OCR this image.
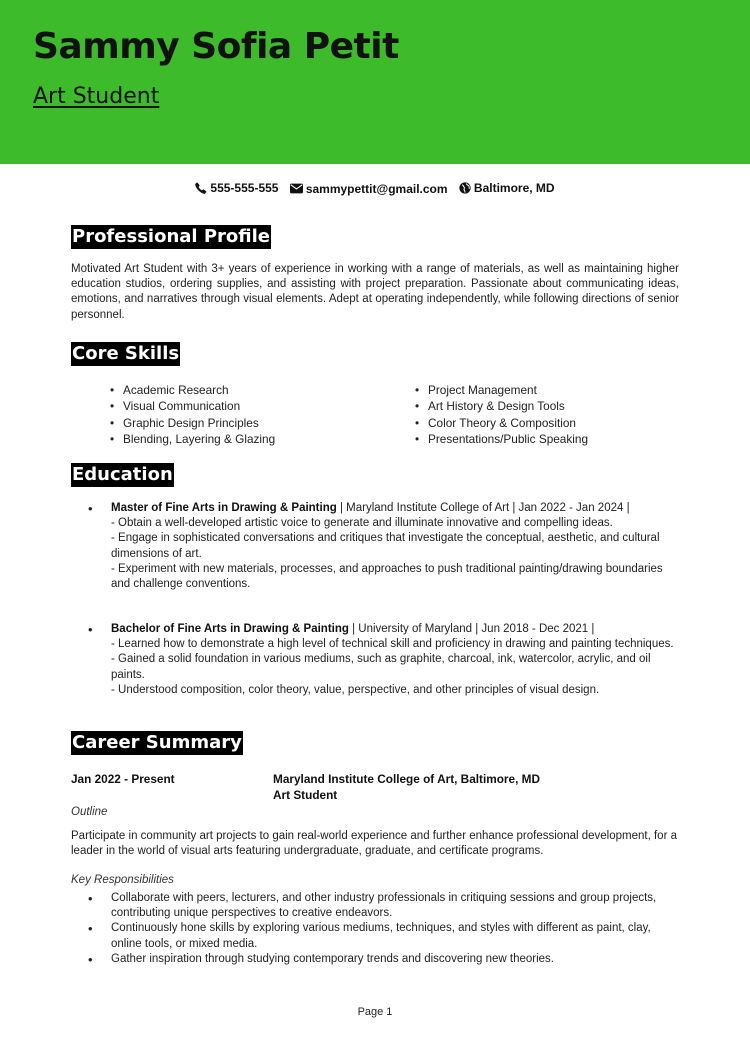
Sammy Sofia Petit
Art Student
555-555-555
sammypettit@gmail.com
Baltimore, MD
Professional Profile

Motivated Art Student with 3+ years of experience in working with a range of materials, as well as maintaining higher education studios, ordering supplies, and assisting with project preparation. Passionate about communicating ideas, emotions, and narratives through visual elements. Adept at operating independently, while following directions of senior personnel.

Core Skills
• Academic Research
• Visual Communication
• Graphic Design Principles
• Blending, Layering & Glazing
• Project Management
• Art History & Design Tools
• Color Theory & Composition
• Presentations/Public Speaking
Education
• Master of Fine Arts in Drawing & Painting | Maryland Institute College of Art | Jan 2022 - Jan 2024 |
- Obtain a well-developed artistic voice to generate and illuminate innovative and compelling ideas.
- Engage in sophisticated conversations and critiques that investigate the conceptual, aesthetic, and cultural dimensions of art.
- Experiment with new materials, processes, and approaches to push traditional painting/drawing boundaries and challenge conventions.
• Bachelor of Fine Arts in Drawing & Painting | University of Maryland | Jun 2018 - Dec 2021 |
- Learned how to demonstrate a high level of technical skill and proficiency in drawing and painting techniques.
- Gained a solid foundation in various mediums, such as graphite, charcoal, ink, watercolor, acrylic, and oil paints.
- Understood composition, color theory, value, perspective, and other principles of visual design.
Career Summary
Jan 2022 - Present	Maryland Institute College of Art, Baltimore, MD
Art Student
Outline

Participate in community art projects to gain real-world experience and further enhance professional development, for a leader in the world of visual arts featuring undergraduate, graduate, and certificate programs.

Key Responsibilities
• Collaborate with peers, lecturers, and other industry professionals in critiquing sessions and group projects, contributing unique perspectives to creative endeavors.
• Continuously hone skills by exploring various mediums, techniques, and styles with different as paint, clay, online tools, or mixed media.
• Gather inspiration through studying contemporary trends and discovering new theories.
Page 1
